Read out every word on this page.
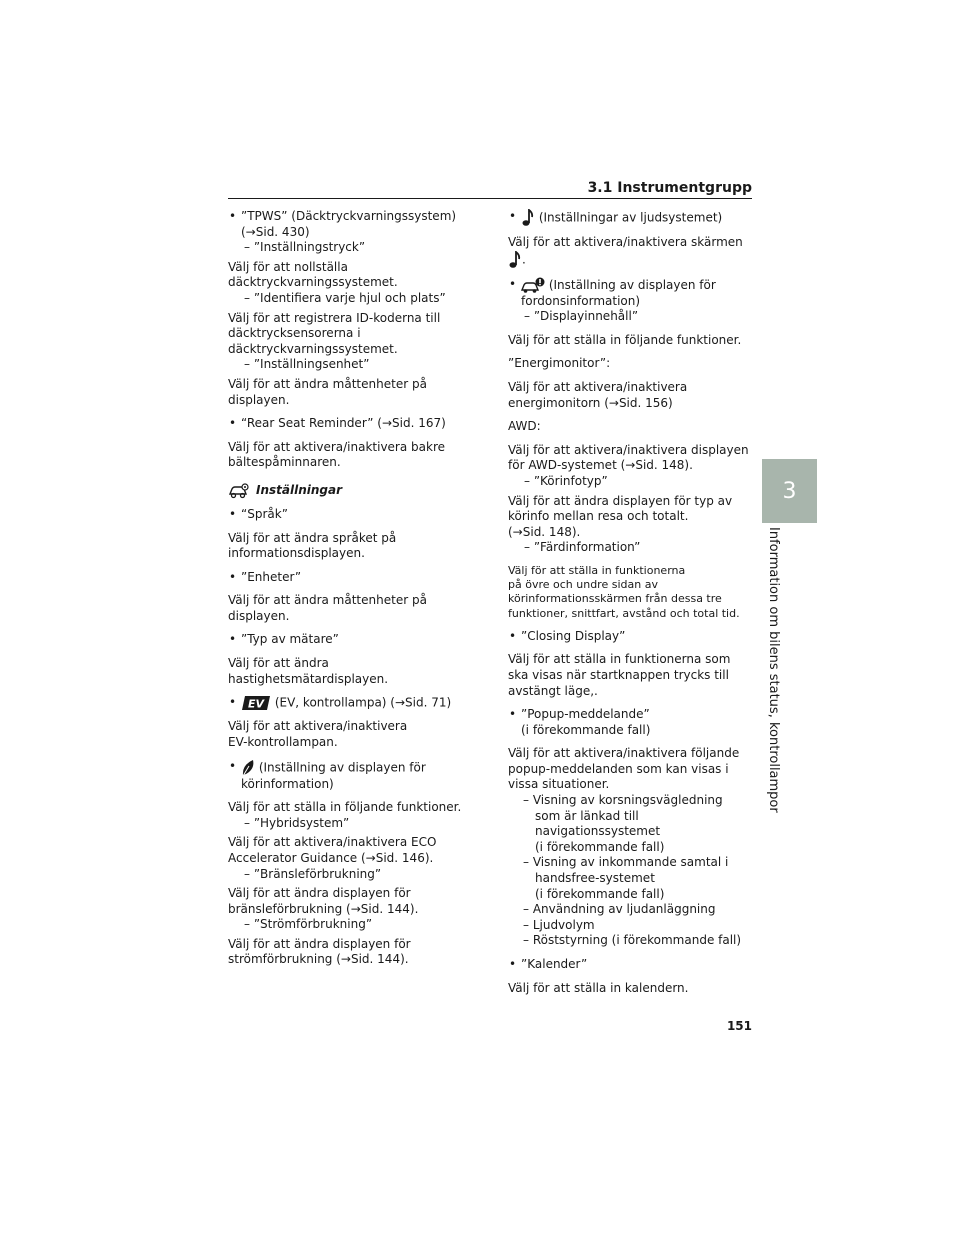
3.1 Instrumentgrupp
3
Information om bilens status, kontrollampor
151
• ”TPWS” (Däcktryckvarningssystem)
(→Sid. 430)
– ”Inställningstryck”
Välj för att nollställa
däcktryckvarningssystemet.
– ”Identifiera varje hjul och plats”
Välj för att registrera ID-koderna till
däcktrycksensorerna i
däcktryckvarningssystemet.
– ”Inställningsenhet”
Välj för att ändra måttenheter på
displayen.
• “Rear Seat Reminder” (→Sid. 167)
Välj för att aktivera/inaktivera bakre
bältespåminnaren.
Inställningar
• “Språk”
Välj för att ändra språket på
informationsdisplayen.
• ”Enheter”
Välj för att ändra måttenheter på
displayen.
• ”Typ av mätare”
Välj för att ändra
hastighetsmätardisplayen.
• EV (EV, kontrollampa) (→Sid. 71)
Välj för att aktivera/inaktivera
EV-kontrollampan.
• (Inställning av displayen för
körinformation)
Välj för att ställa in följande funktioner.
– ”Hybridsystem”
Välj för att aktivera/inaktivera ECO
Accelerator Guidance (→Sid. 146).
– ”Bränsleförbrukning”
Välj för att ändra displayen för
bränsleförbrukning (→Sid. 144).
– ”Strömförbrukning”
Välj för att ändra displayen för
strömförbrukning (→Sid. 144).
• (Inställningar av ljudsystemet)
Välj för att aktivera/inaktivera skärmen
.
•	(Inställning av displayen för
fordonsinformation)
– ”Displayinnehåll”
Välj för att ställa in följande funktioner.
”Energimonitor”:
Välj för att aktivera/inaktivera
energimonitorn (→Sid. 156)
AWD:
Välj för att aktivera/inaktivera displayen
för AWD-systemet (→Sid. 148).
– ”Körinfotyp”
Välj för att ändra displayen för typ av
körinfo mellan resa och totalt.
(→Sid. 148).
– ”Färdinformation”
Välj för att ställa in funktionerna
på övre och undre sidan av
körinformationsskärmen från dessa tre
funktioner, snittfart, avstånd och total tid.
• ”Closing Display”
Välj för att ställa in funktionerna som
ska visas när startknappen trycks till
avstängt läge,.
• ”Popup-meddelande”
(i förekommande fall)
Välj för att aktivera/inaktivera följande
popup-meddelanden som kan visas i
vissa situationer.
– Visning av korsningsvägledning
som är länkad till
navigationssystemet
(i förekommande fall)
– Visning av inkommande samtal i
handsfree-systemet
(i förekommande fall)
– Användning av ljudanläggning
– Ljudvolym
– Röststyrning (i förekommande fall)
• ”Kalender”
Välj för att ställa in kalendern.
